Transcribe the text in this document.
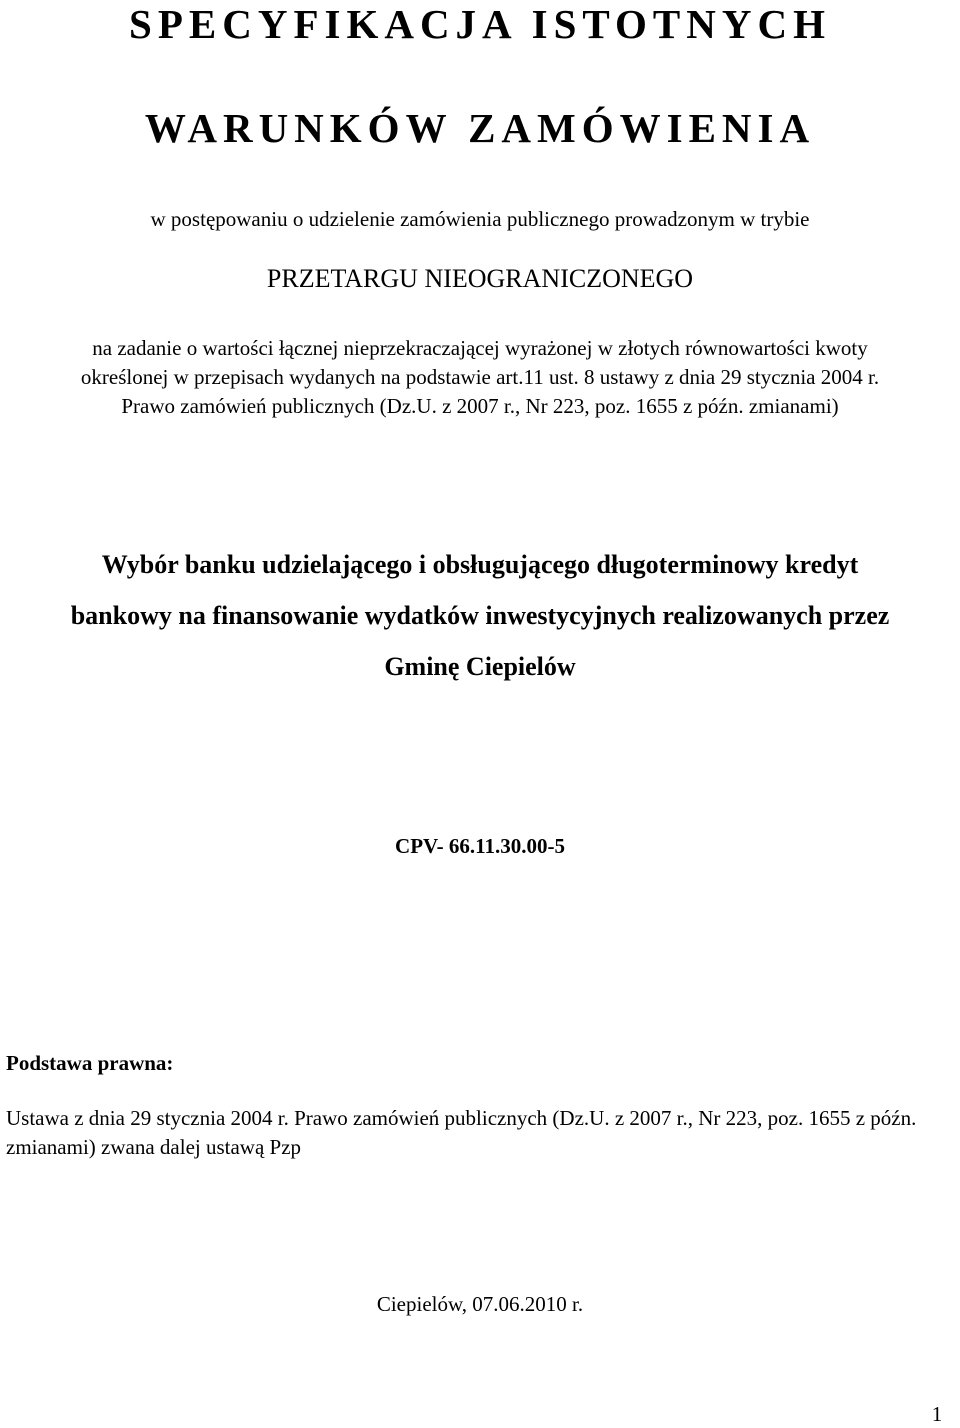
SPECYFIKACJA ISTOTNYCH
WARUNKÓW ZAMÓWIENIA
w postępowaniu o udzielenie zamówienia publicznego prowadzonym w trybie
PRZETARGU NIEOGRANICZONEGO
na zadanie o wartości łącznej nieprzekraczającej wyrażonej w złotych równowartości kwoty określonej w przepisach wydanych na podstawie art.11 ust. 8 ustawy z dnia 29 stycznia 2004 r. Prawo zamówień publicznych (Dz.U. z 2007 r., Nr 223, poz. 1655 z późn. zmianami)
Wybór banku udzielającego i obsługującego długoterminowy kredyt
bankowy na finansowanie wydatków inwestycyjnych realizowanych przez
Gminę Ciepielów
CPV- 66.11.30.00-5
Podstawa prawna:
Ustawa z dnia 29 stycznia 2004 r. Prawo zamówień publicznych (Dz.U. z 2007 r., Nr 223, poz. 1655 z późn. zmianami) zwana dalej ustawą Pzp
Ciepielów, 07.06.2010 r.
1
